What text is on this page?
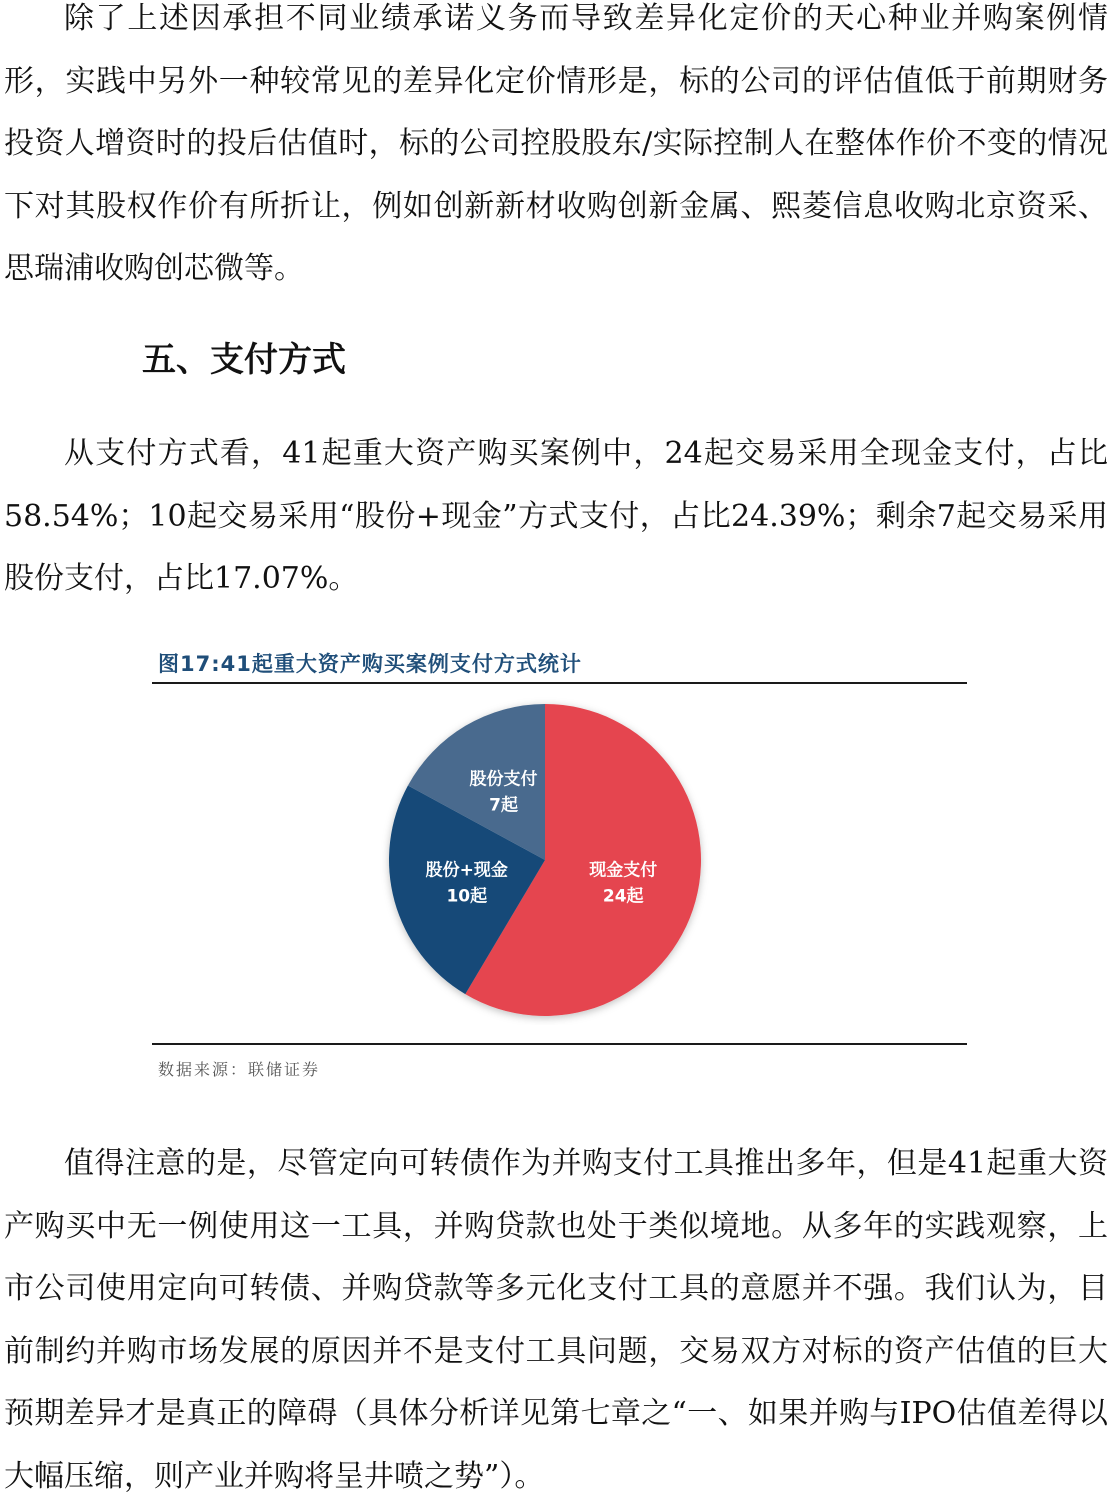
除了上述因承担不同业绩承诺义务而导致差异化定价的天心种业并购案例情形，实践中另外一种较常见的差异化定价情形是，标的公司的评估值低于前期财务投资人增资时的投后估值时，标的公司控股股东/实际控制人在整体作价不变的情况下对其股权作价有所折让，例如创新新材收购创新金属、熙菱信息收购北京资采、思瑞浦收购创芯微等。

五、支付方式

从支付方式看，41起重大资产购买案例中，24起交易采用全现金支付，占比58.54%；10起交易采用“股份+现金”方式支付，占比24.39%；剩余7起交易采用股份支付，占比17.07%。

图17:41起重大资产购买案例支付方式统计
现金支付
24起
股份+现金
10起
股份支付
7起
数据来源：联储证券

值得注意的是，尽管定向可转债作为并购支付工具推出多年，但是41起重大资产购买中无一例使用这一工具，并购贷款也处于类似境地。从多年的实践观察，上市公司使用定向可转债、并购贷款等多元化支付工具的意愿并不强。我们认为，目前制约并购市场发展的原因并不是支付工具问题，交易双方对标的资产估值的巨大预期差异才是真正的障碍（具体分析详见第七章之“一、如果并购与IPO估值差得以大幅压缩，则产业并购将呈井喷之势”）。
